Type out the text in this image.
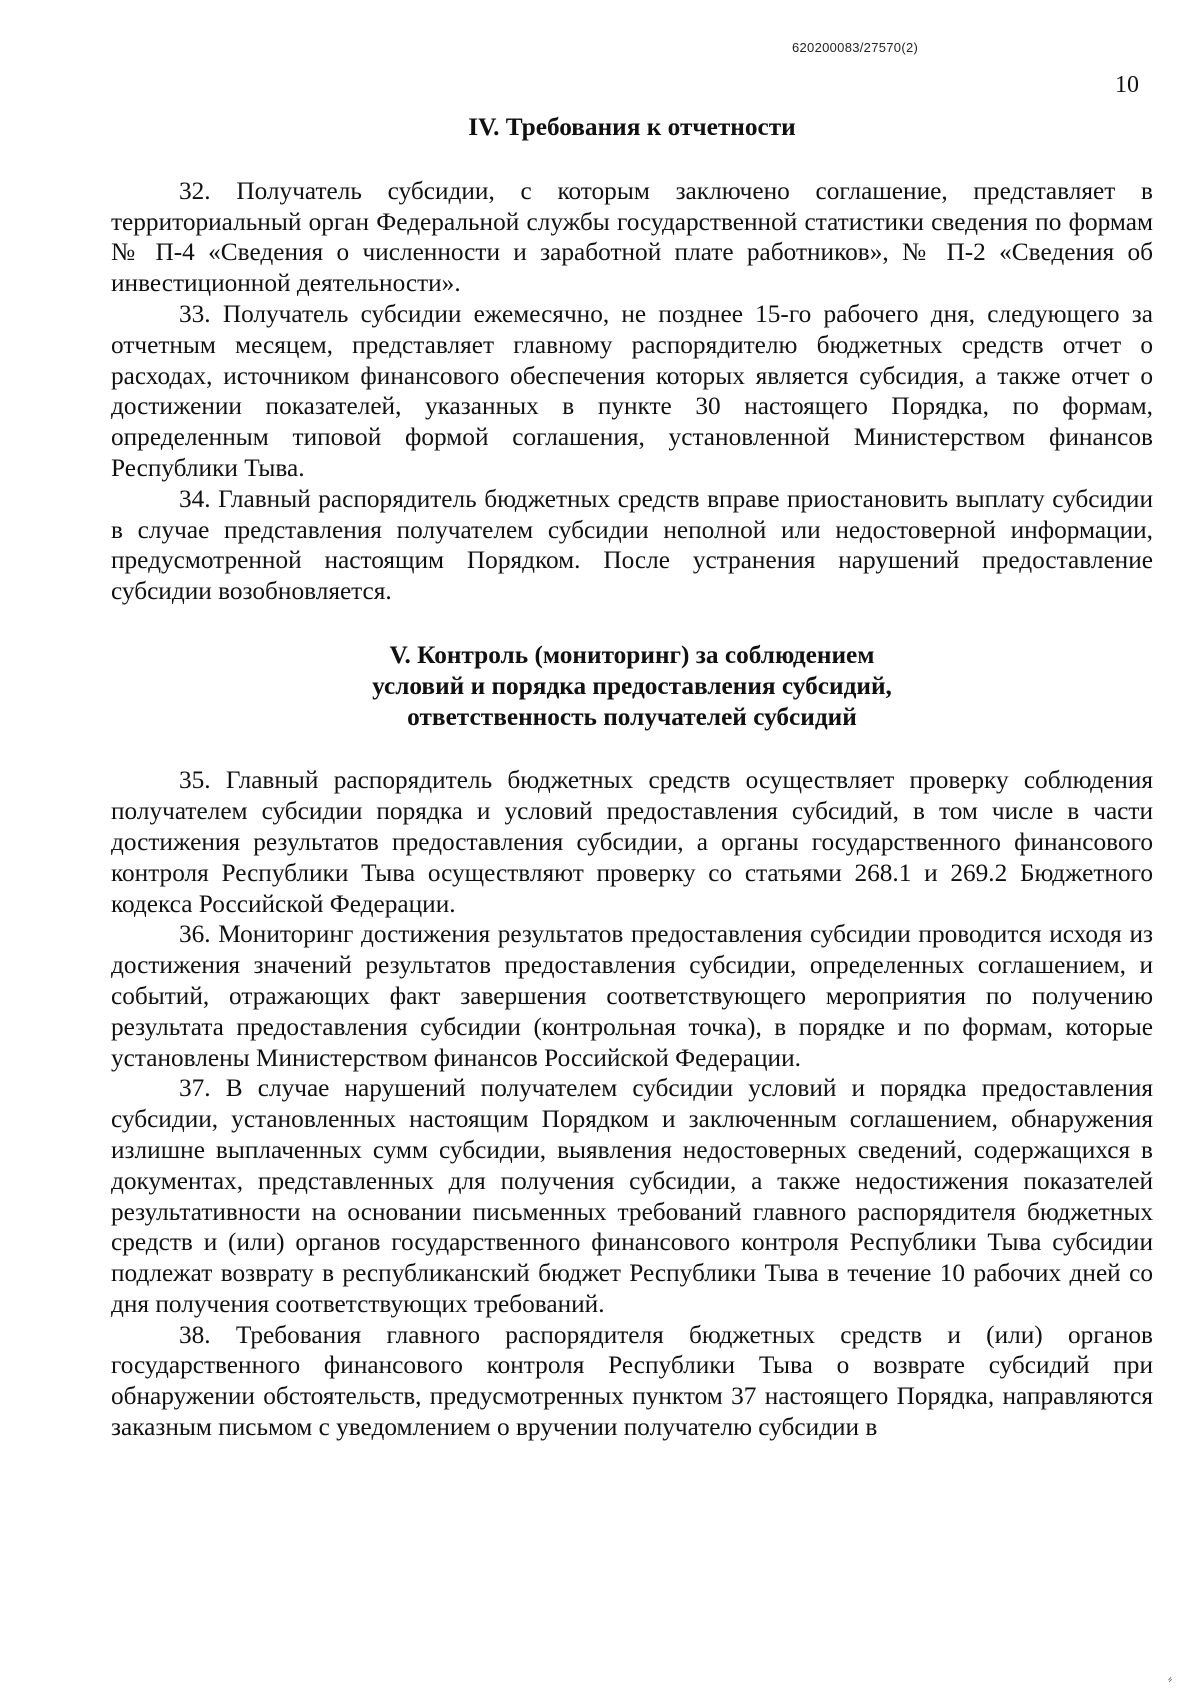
620200083/27570(2)
10
IV. Требования к отчетности

32. Получатель субсидии, с которым заключено соглашение, представляет в территориальный орган Федеральной службы государственной статистики сведения по формам № П-4 «Сведения о численности и заработной плате работников», № П-2 «Сведения об инвестиционной деятельности».

33. Получатель субсидии ежемесячно, не позднее 15-го рабочего дня, следующего за отчетным месяцем, представляет главному распорядителю бюджетных средств отчет о расходах, источником финансового обеспечения которых является субсидия, а также отчет о достижении показателей, указанных в пункте 30 настоящего Порядка, по формам, определенным типовой формой соглашения, установленной Министерством финансов Республики Тыва.

34. Главный распорядитель бюджетных средств вправе приостановить выплату субсидии в случае представления получателем субсидии неполной или недостоверной информации, предусмотренной настоящим Порядком. После устранения нарушений предоставление субсидии возобновляется.

V. Контроль (мониторинг) за соблюдением
условий и порядка предоставления субсидий,
ответственность получателей субсидий

35. Главный распорядитель бюджетных средств осуществляет проверку соблюдения получателем субсидии порядка и условий предоставления субсидий, в том числе в части достижения результатов предоставления субсидии, а органы государственного финансового контроля Республики Тыва осуществляют проверку со статьями 268.1 и 269.2 Бюджетного кодекса Российской Федерации.

36. Мониторинг достижения результатов предоставления субсидии проводится исходя из достижения значений результатов предоставления субсидии, определенных соглашением, и событий, отражающих факт завершения соответствующего мероприятия по получению результата предоставления субсидии (контрольная точка), в порядке и по формам, которые установлены Министерством финансов Российской Федерации.

37. В случае нарушений получателем субсидии условий и порядка предоставления субсидии, установленных настоящим Порядком и заключенным соглашением, обнаружения излишне выплаченных сумм субсидии, выявления недостоверных сведений, содержащихся в документах, представленных для получения субсидии, а также недостижения показателей результативности на основании письменных требований главного распорядителя бюджетных средств и (или) органов государственного финансового контроля Республики Тыва субсидии подлежат возврату в республиканский бюджет Республики Тыва в течение 10 рабочих дней со дня получения соответствующих требований.

38. Требования главного распорядителя бюджетных средств и (или) органов государственного финансового контроля Республики Тыва о возврате субсидий при обнаружении обстоятельств, предусмотренных пунктом 37 настоящего Порядка, направляются заказным письмом с уведомлением о вручении получателю субсидии в

⸗
